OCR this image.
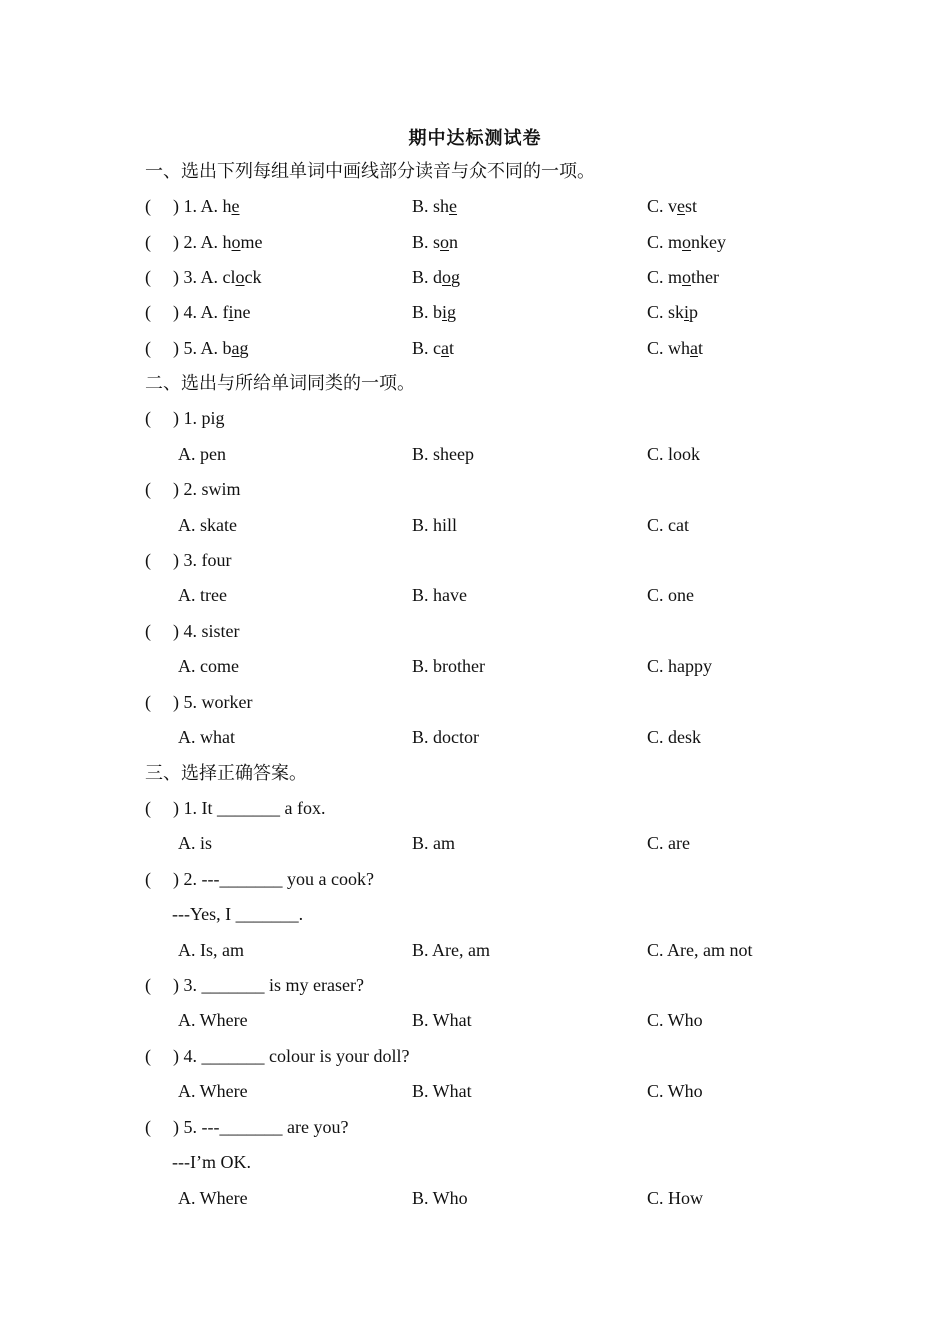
期中达标测试卷
一、选出下列每组单词中画线部分读音与众不同的一项。
( ) 1. A. he	B. she	C. vest
( ) 2. A. home	B. son	C. monkey
( ) 3. A. clock	B. dog	C. mother
( ) 4. A. fine	B. big	C. skip
( ) 5. A. bag	B. cat	C. what
二、选出与所给单词同类的一项。
( ) 1. pig
A. pen	B. sheep	C. look
( ) 2. swim
A. skate	B. hill	C. cat
( ) 3. four
A. tree	B. have	C. one
( ) 4. sister
A. come	B. brother	C. happy
( ) 5. worker
A. what	B. doctor	C. desk
三、选择正确答案。
( ) 1. It _______ a fox.
A. is	B. am	C. are
( ) 2. ---_______ you a cook?
---Yes, I _______.
A. Is, am	B. Are, am	C. Are, am not
( ) 3. _______ is my eraser?
A. Where	B. What	C. Who
( ) 4. _______ colour is your doll?
A. Where	B. What	C. Who
( ) 5. ---_______ are you?
---I’m OK.
A. Where	B. Who	C. How
